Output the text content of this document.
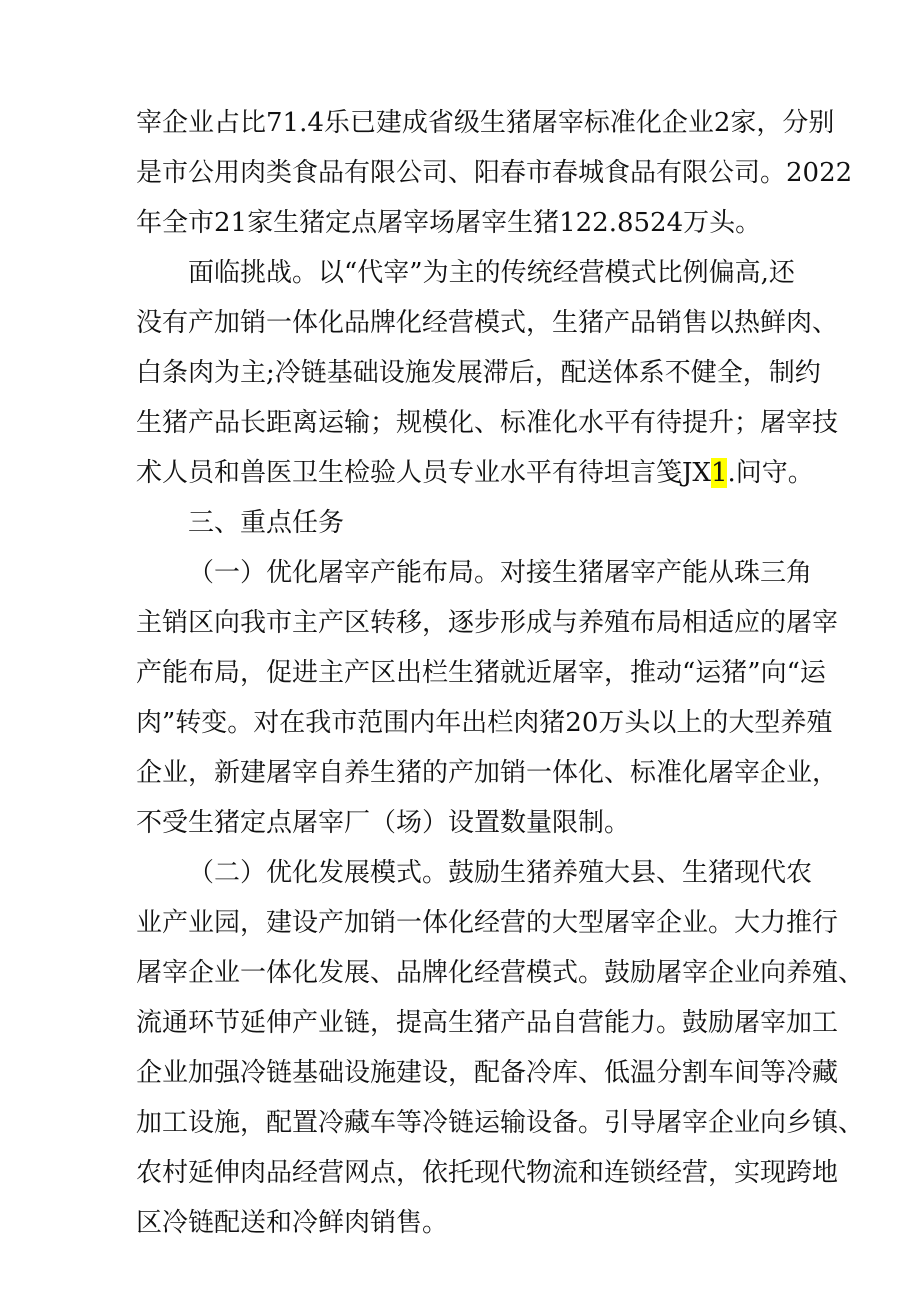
宰企业占比71.4乐已建成省级生猪屠宰标准化企业2家，分别
是市公用肉类食品有限公司、阳春市春城食品有限公司。2022
年全市21家生猪定点屠宰场屠宰生猪122.8524万头。
面临挑战。以“代宰”为主的传统经营模式比例偏高,还
没有产加销一体化品牌化经营模式，生猪产品销售以热鲜肉、
白条肉为主;冷链基础设施发展滞后，配送体系不健全，制约
生猪产品长距离运输；规模化、标准化水平有待提升；屠宰技
术人员和兽医卫生检验人员专业水平有待坦言笺JX1.问守。
三、重点任务
（一）优化屠宰产能布局。对接生猪屠宰产能从珠三角
主销区向我市主产区转移，逐步形成与养殖布局相适应的屠宰
产能布局，促进主产区出栏生猪就近屠宰，推动“运猪”向“运
肉”转变。对在我市范围内年出栏肉猪20万头以上的大型养殖
企业，新建屠宰自养生猪的产加销一体化、标准化屠宰企业，
不受生猪定点屠宰厂（场）设置数量限制。
（二）优化发展模式。鼓励生猪养殖大县、生猪现代农
业产业园，建设产加销一体化经营的大型屠宰企业。大力推行
屠宰企业一体化发展、品牌化经营模式。鼓励屠宰企业向养殖、
流通环节延伸产业链，提高生猪产品自营能力。鼓励屠宰加工
企业加强冷链基础设施建设，配备冷库、低温分割车间等冷藏
加工设施，配置冷藏车等冷链运输设备。引导屠宰企业向乡镇、
农村延伸肉品经营网点，依托现代物流和连锁经营，实现跨地
区冷链配送和冷鲜肉销售。
